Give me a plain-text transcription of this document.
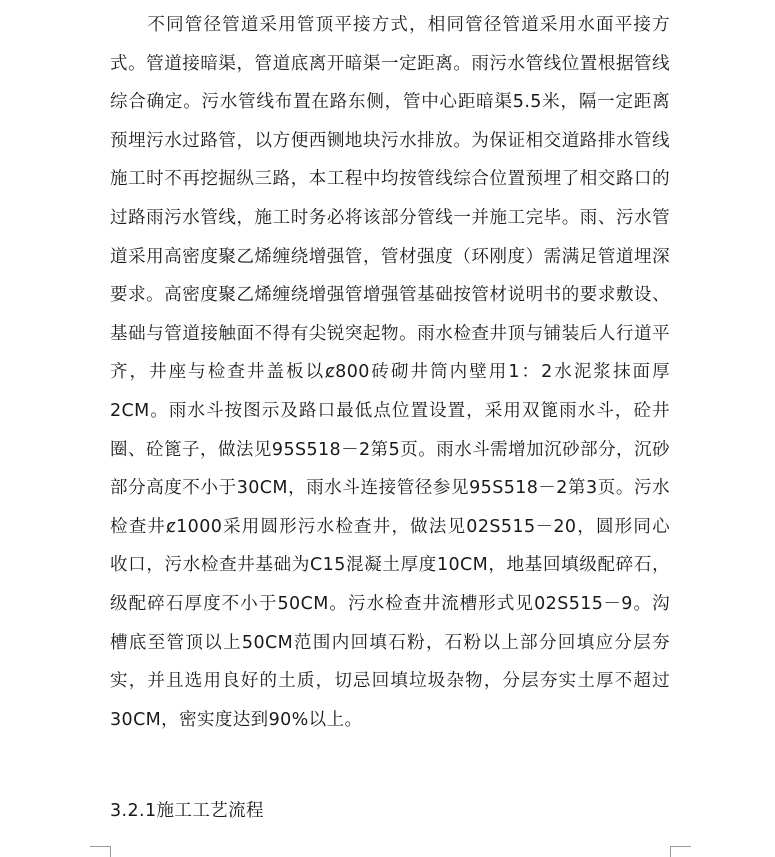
　　不同管径管道采用管顶平接方式，相同管径管道采用水面平接方式。管道接暗渠，管道底离开暗渠一定距离。雨污水管线位置根据管线综合确定。污水管线布置在路东侧，管中心距暗渠5.5米，隔一定距离预埋污水过路管，以方便西铡地块污水排放。为保证相交道路排水管线施工时不再挖掘纵三路，本工程中均按管线综合位置预埋了相交路口的过路雨污水管线，施工时务必将该部分管线一并施工完毕。雨、污水管道采用高密度聚乙烯缠绕增强管，管材强度（环刚度）需满足管道埋深要求。高密度聚乙烯缠绕增强管增强管基础按管材说明书的要求敷设、基础与管道接触面不得有尖锐突起物。雨水检查井顶与铺装后人行道平齐，井座与检查井盖板以ȼ800砖砌井筒内壁用1：2水泥浆抹面厚2CM。雨水斗按图示及路口最低点位置设置，采用双篦雨水斗，砼井圈、砼篦子，做法见95S518－2第5页。雨水斗需增加沉砂部分，沉砂部分高度不小于30CM，雨水斗连接管径参见95S518－2第3页。污水检查井ȼ1000采用圆形污水检查井，做法见02S515－20，圆形同心收口，污水检查井基础为C15混凝土厚度10CM，地基回填级配碎石，级配碎石厚度不小于50CM。污水检查井流槽形式见02S515－9。沟槽底至管顶以上50CM范围内回填石粉，石粉以上部分回填应分层夯实，并且选用良好的土质，切忌回填垃圾杂物，分层夯实土厚不超过30CM，密实度达到90%以上。

3.2.1施工工艺流程
